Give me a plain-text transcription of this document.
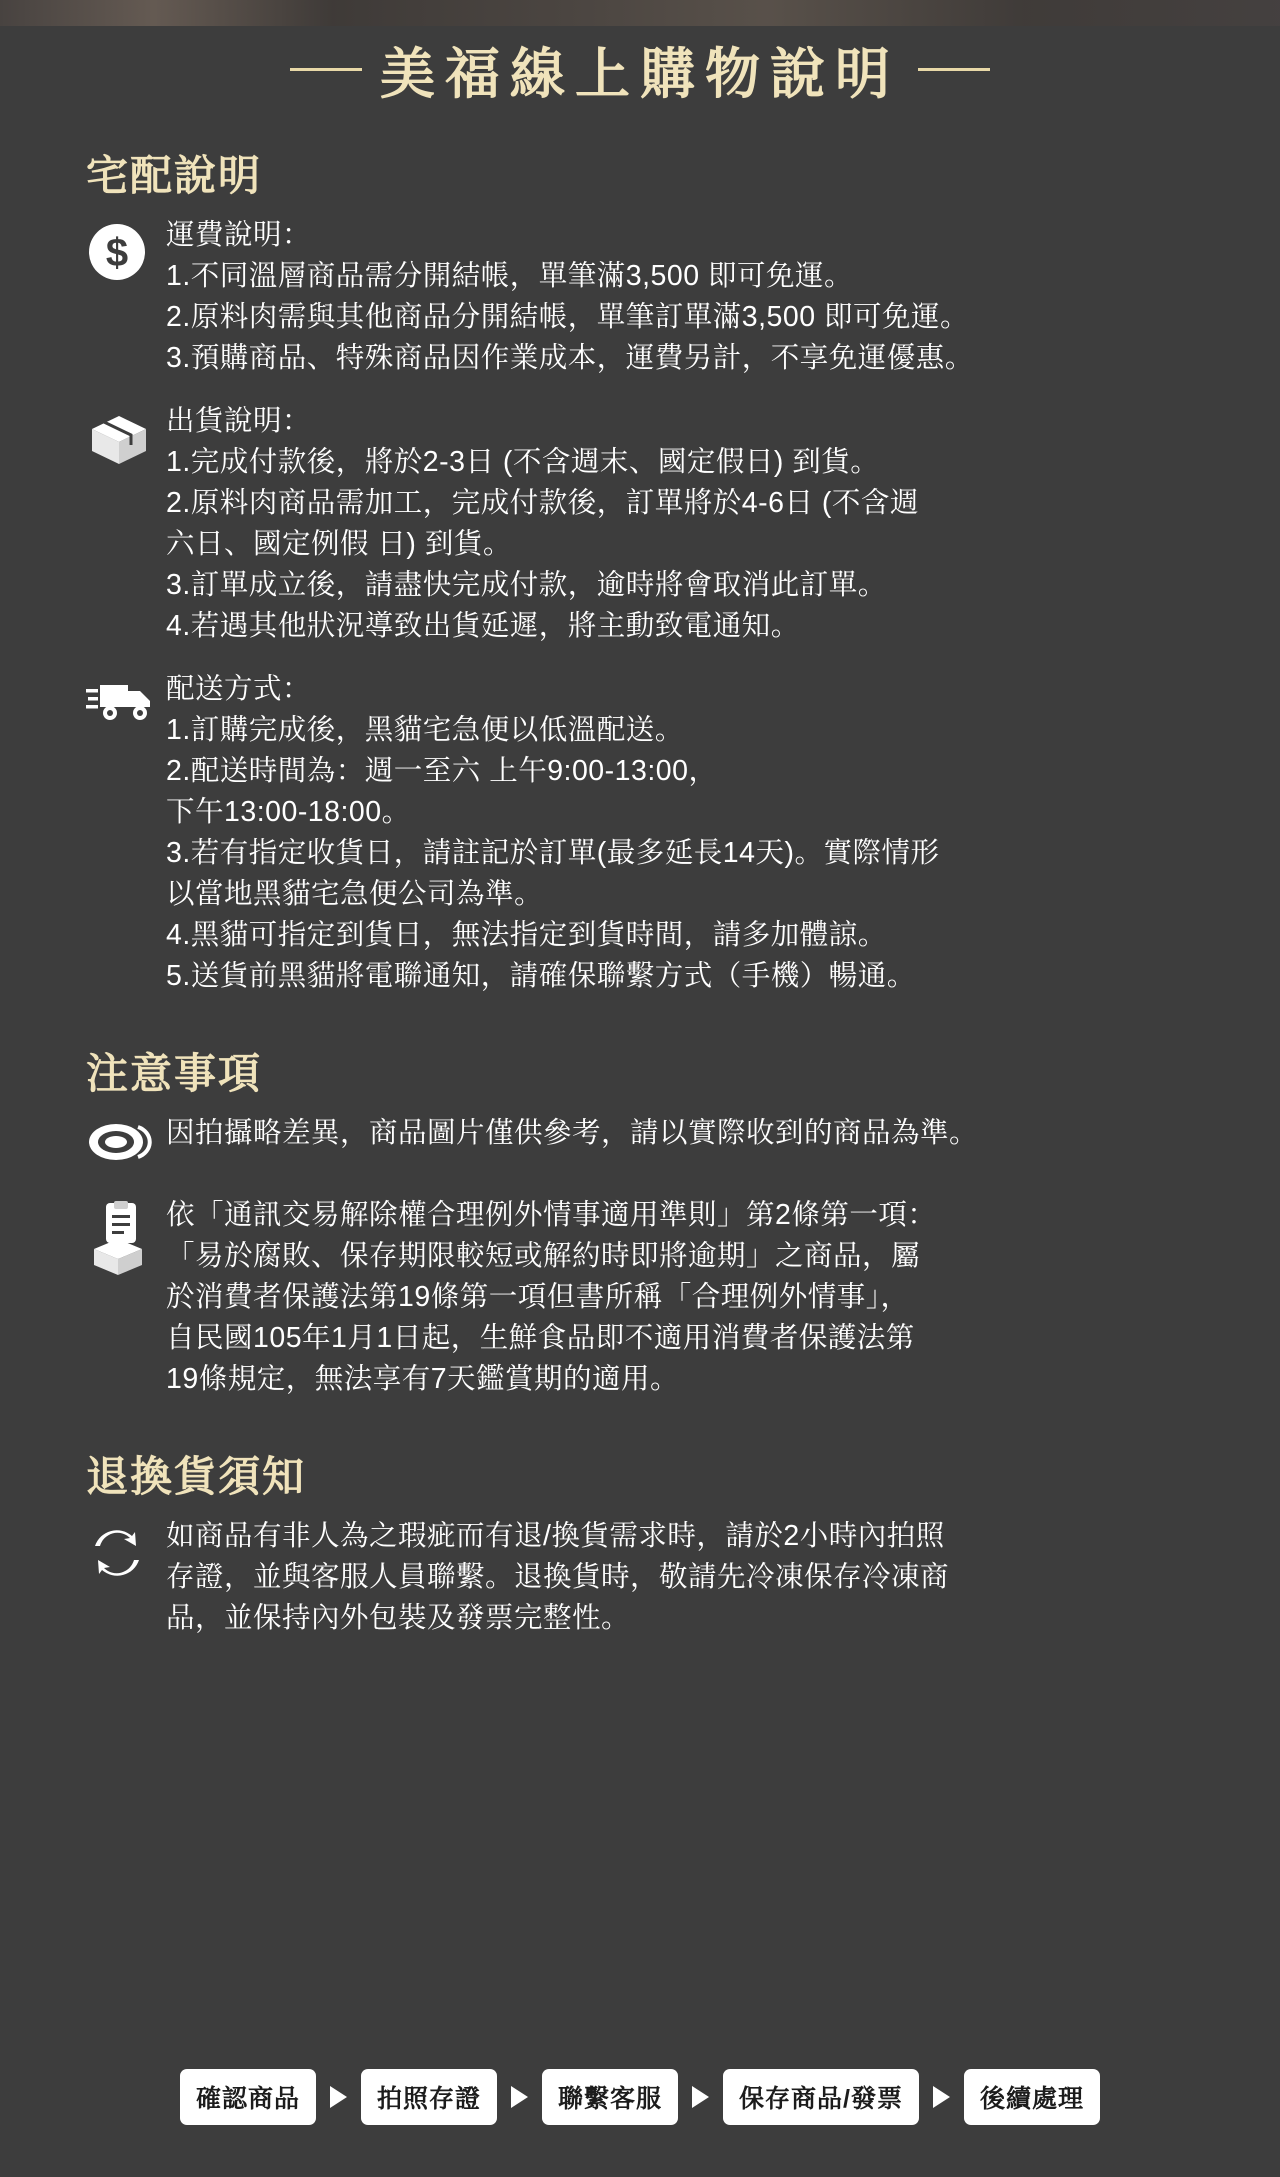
美福線上購物說明
宅配說明
$ 運費說明：
1.不同溫層商品需分開結帳，單筆滿3,500 即可免運。
2.原料肉需與其他商品分開結帳，單筆訂單滿3,500 即可免運。
3.預購商品、特殊商品因作業成本，運費另計，不享免運優惠。
出貨說明：
1.完成付款後，將於2-3日 (不含週末、國定假日) 到貨。
2.原料肉商品需加工，完成付款後，訂單將於4-6日 (不含週
六日、國定例假 日) 到貨。
3.訂單成立後，請盡快完成付款，逾時將會取消此訂單。
4.若遇其他狀況導致出貨延遲，將主動致電通知。
配送方式：
1.訂購完成後，黑貓宅急便以低溫配送。
2.配送時間為：週一至六 上午9:00-13:00，
下午13:00-18:00。
3.若有指定收貨日，請註記於訂單(最多延長14天)。實際情形
以當地黑貓宅急便公司為準。
4.黑貓可指定到貨日，無法指定到貨時間，請多加體諒。
5.送貨前黑貓將電聯通知，請確保聯繫方式（手機）暢通。
注意事項
因拍攝略差異，商品圖片僅供參考，請以實際收到的商品為準。
依「通訊交易解除權合理例外情事適用準則」第2條第一項：
「易於腐敗、保存期限較短或解約時即將逾期」之商品，屬
於消費者保護法第19條第一項但書所稱「合理例外情事」，
自民國105年1月1日起，生鮮食品即不適用消費者保護法第
19條規定，無法享有7天鑑賞期的適用。
退換貨須知
如商品有非人為之瑕疵而有退/換貨需求時，請於2小時內拍照
存證，並與客服人員聯繫。退換貨時，敬請先冷凍保存冷凍商
品，並保持內外包裝及發票完整性。
確認商品	拍照存證	聯繫客服	保存商品/發票	後續處理
